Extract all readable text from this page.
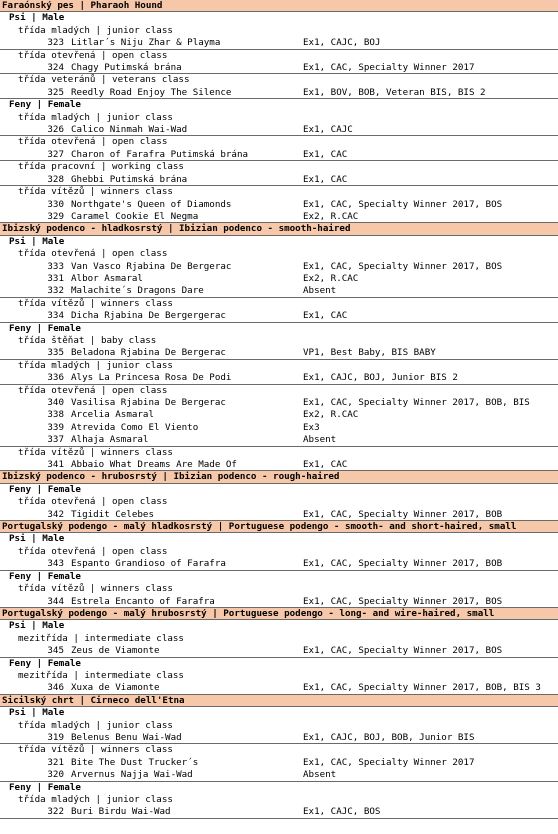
Faraónský pes | Pharaoh Hound
Psi | Male
třída mladých | junior class
323 Litlar´s Niju Zhar & Playma	Ex1, CAJC, BOJ
třída otevřená | open class
324 Chagy Putimská brána	Ex1, CAC, Specialty Winner 2017
třída veteránů | veterans class
325 Reedly Road Enjoy The Silence	Ex1, BOV, BOB, Veteran BIS, BIS 2
Feny | Female
třída mladých | junior class
326 Calico Ninmah Wai-Wad	Ex1, CAJC
třída otevřená | open class
327 Charon of Farafra Putimská brána	Ex1, CAC
třída pracovní | working class
328 Ghebbi Putimská brána	Ex1, CAC
třída vítězů | winners class
330 Northgate's Queen of Diamonds	Ex1, CAC, Specialty Winner 2017, BOS
329 Caramel Cookie El Negma	Ex2, R.CAC
Ibizský podenco - hladkosrstý | Ibizian podenco - smooth-haired
Psi | Male
třída otevřená | open class
333 Van Vasco Rjabina De Bergerac	Ex1, CAC, Specialty Winner 2017, BOS
331 Albor Asmaral	Ex2, R.CAC
332 Malachite´s Dragons Dare	Absent
třída vítězů | winners class
334 Dicha Rjabina De Bergergerac	Ex1, CAC
Feny | Female
třída štěňat | baby class
335 Beladona Rjabina De Bergerac	VP1, Best Baby, BIS BABY
třída mladých | junior class
336 Alys La Princesa Rosa De Podi	Ex1, CAJC, BOJ, Junior BIS 2
třída otevřená | open class
340 Vasilisa Rjabina De Bergerac	Ex1, CAC, Specialty Winner 2017, BOB, BIS
338 Arcelia Asmaral	Ex2, R.CAC
339 Atrevida Como El Viento	Ex3
337 Alhaja Asmaral	Absent
třída vítězů | winners class
341 Abbaio What Dreams Are Made Of	Ex1, CAC
Ibizský podenco - hrubosrstý | Ibizian podenco - rough-haired
Feny | Female
třída otevřená | open class
342 Tigidit Celebes	Ex1, CAC, Specialty Winner 2017, BOB
Portugalský podengo - malý hladkosrstý | Portuguese podengo - smooth- and short-haired, small
Psi | Male
třída otevřená | open class
343 Espanto Grandioso of Farafra	Ex1, CAC, Specialty Winner 2017, BOB
Feny | Female
třída vítězů | winners class
344 Estrela Encanto of Farafra	Ex1, CAC, Specialty Winner 2017, BOS
Portugalský podengo - malý hrubosrstý | Portuguese podengo - long- and wire-haired, small
Psi | Male
mezitřída | intermediate class
345 Zeus de Viamonte	Ex1, CAC, Specialty Winner 2017, BOS
Feny | Female
mezitřída | intermediate class
346 Xuxa de Viamonte	Ex1, CAC, Specialty Winner 2017, BOB, BIS 3
Sicilský chrt | Cirneco dell'Etna
Psi | Male
třída mladých | junior class
319 Belenus Benu Wai-Wad	Ex1, CAJC, BOJ, BOB, Junior BIS
třída vítězů | winners class
321 Bite The Dust Trucker´s	Ex1, CAC, Specialty Winner 2017
320 Arvernus Najja Wai-Wad	Absent
Feny | Female
třída mladých | junior class
322 Buri Birdu Wai-Wad	Ex1, CAJC, BOS
